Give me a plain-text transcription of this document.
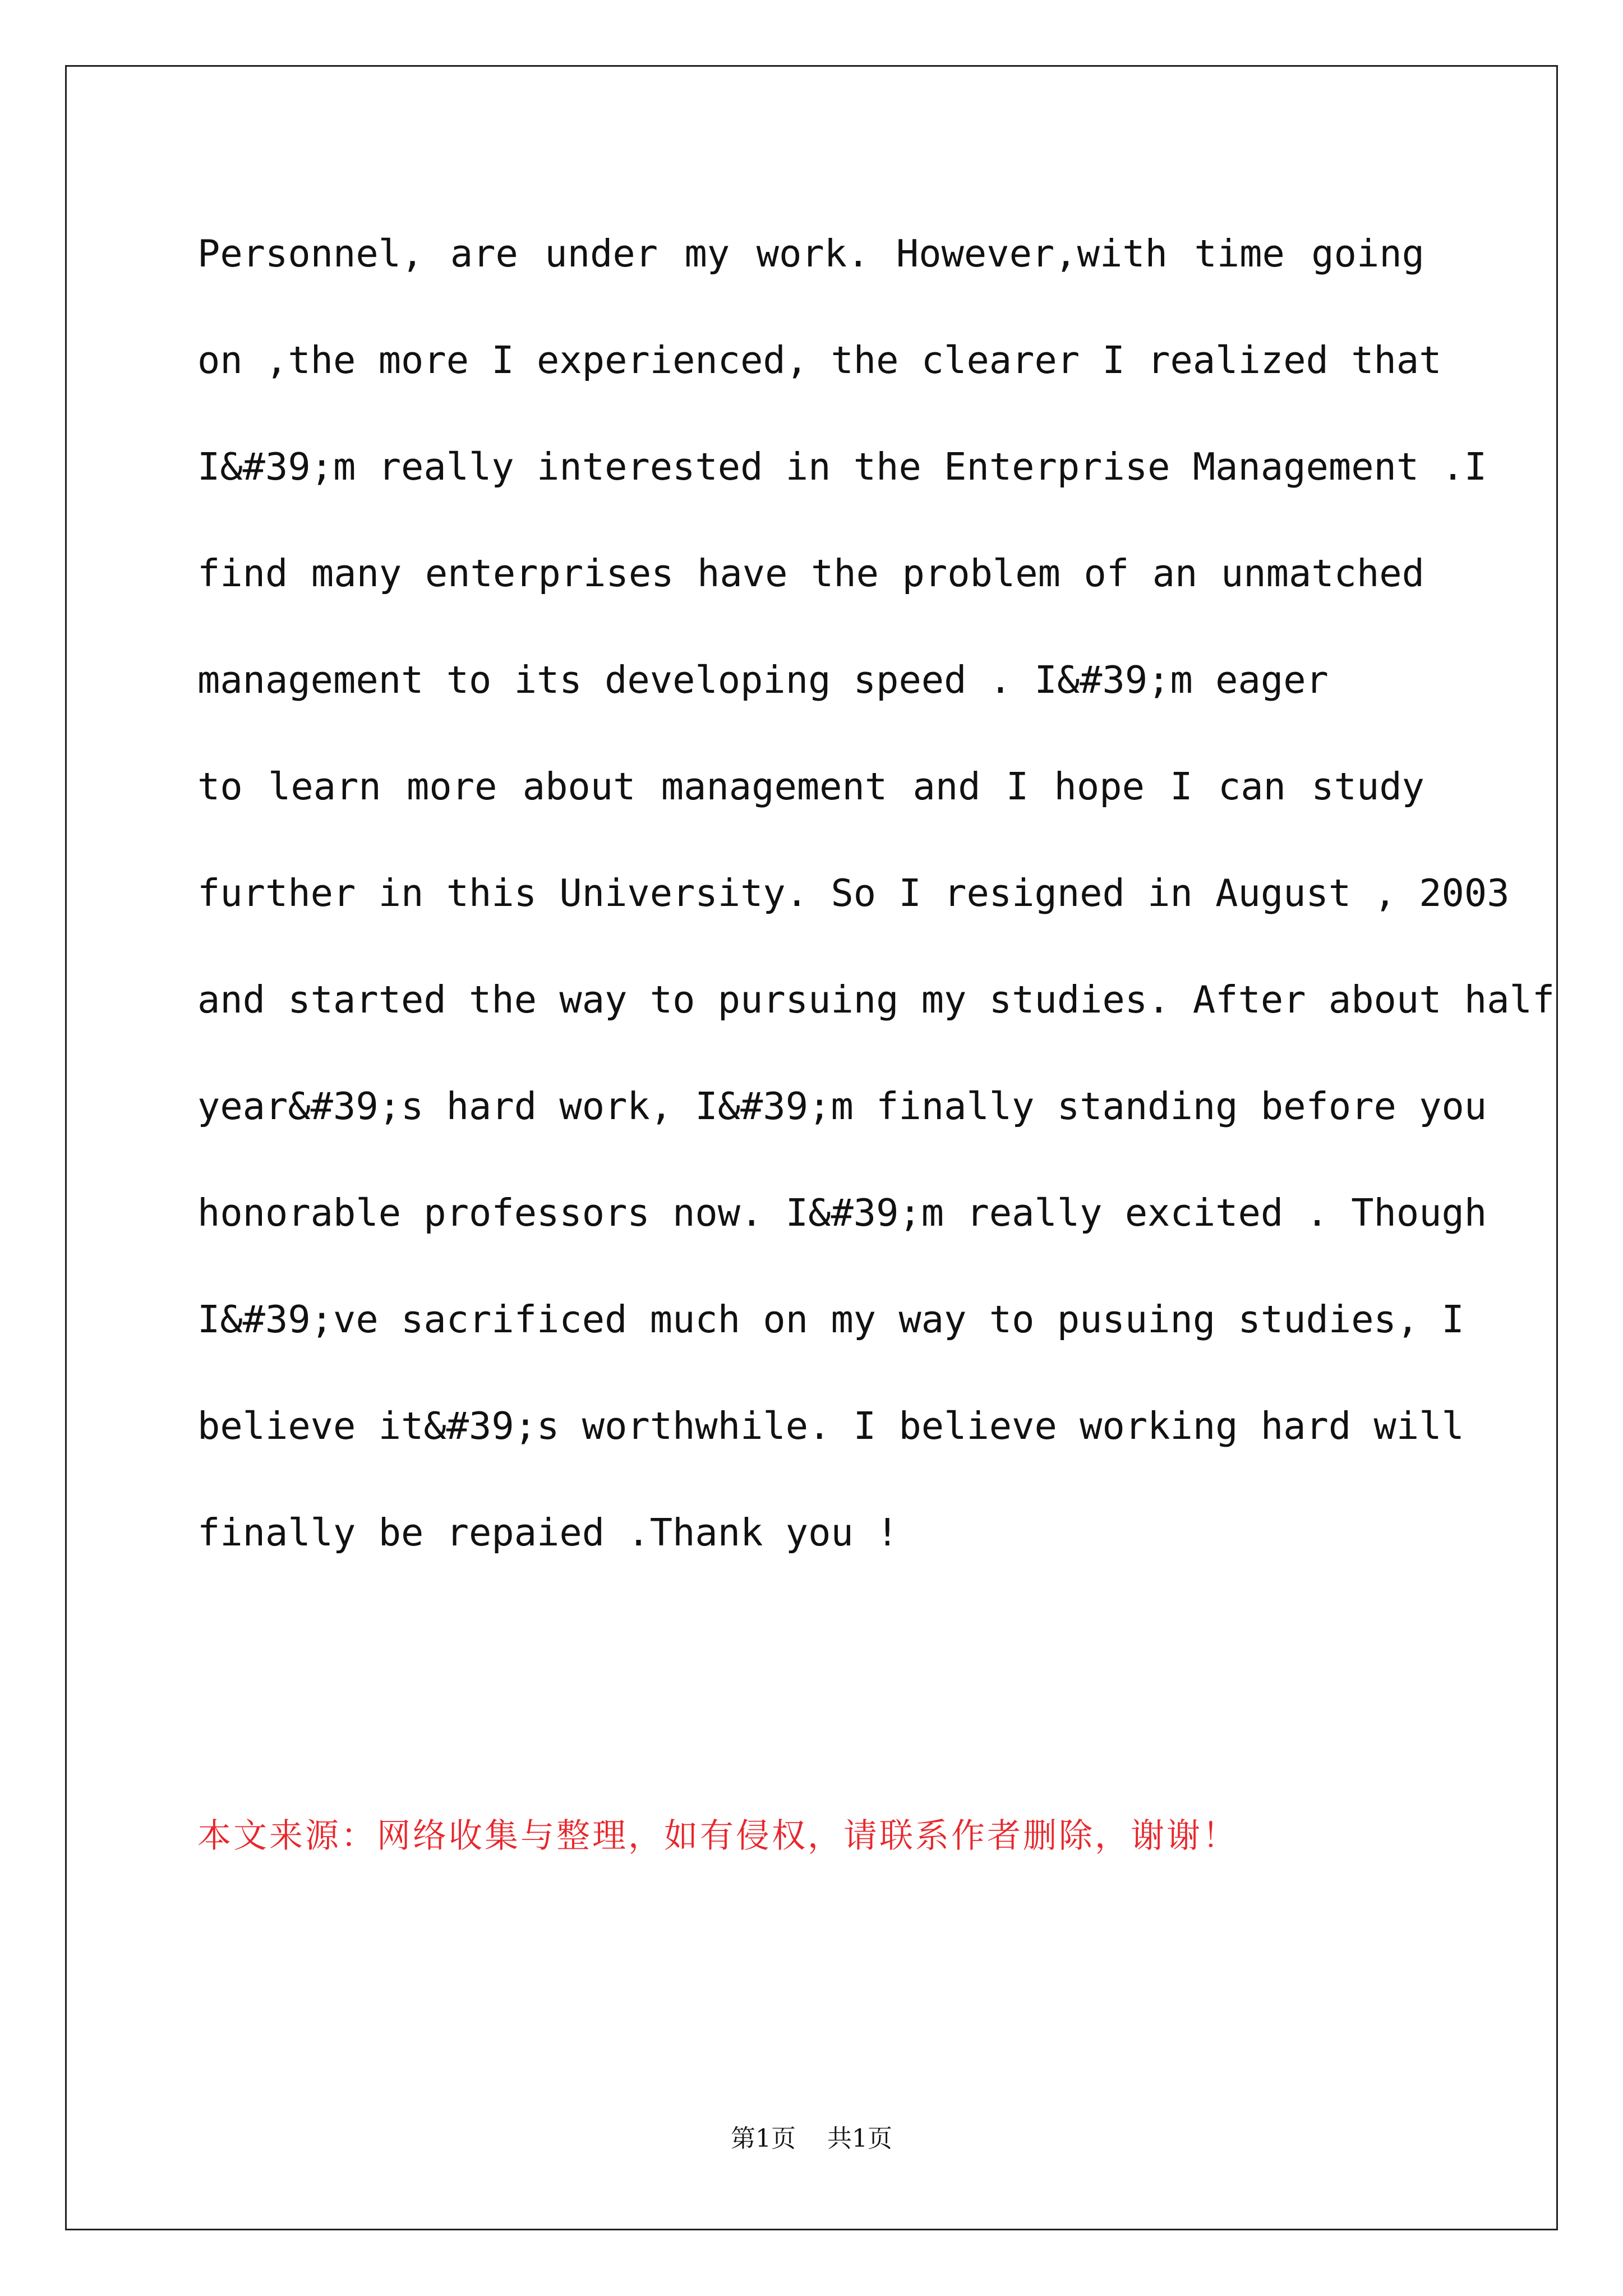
Personnel, are under my work. However,with time going
on ,the more I experienced, the clearer I realized that
I&#39;m really interested in the Enterprise Management .I
find many enterprises have the problem of an unmatched
management to its developing speed . I&#39;m eager
to learn more about management and I hope I can study
further in this University. So I resigned in August , 2003
and started the way to pursuing my studies. After about half
year&#39;s hard work, I&#39;m finally standing before you
honorable professors now. I&#39;m really excited . Though
I&#39;ve sacrificed much on my way to pusuing studies, I
believe it&#39;s worthwhile. I believe working hard will
finally be repaied .Thank you !
本文来源：网络收集与整理，如有侵权，请联系作者删除，谢谢！
第1页 共1页
